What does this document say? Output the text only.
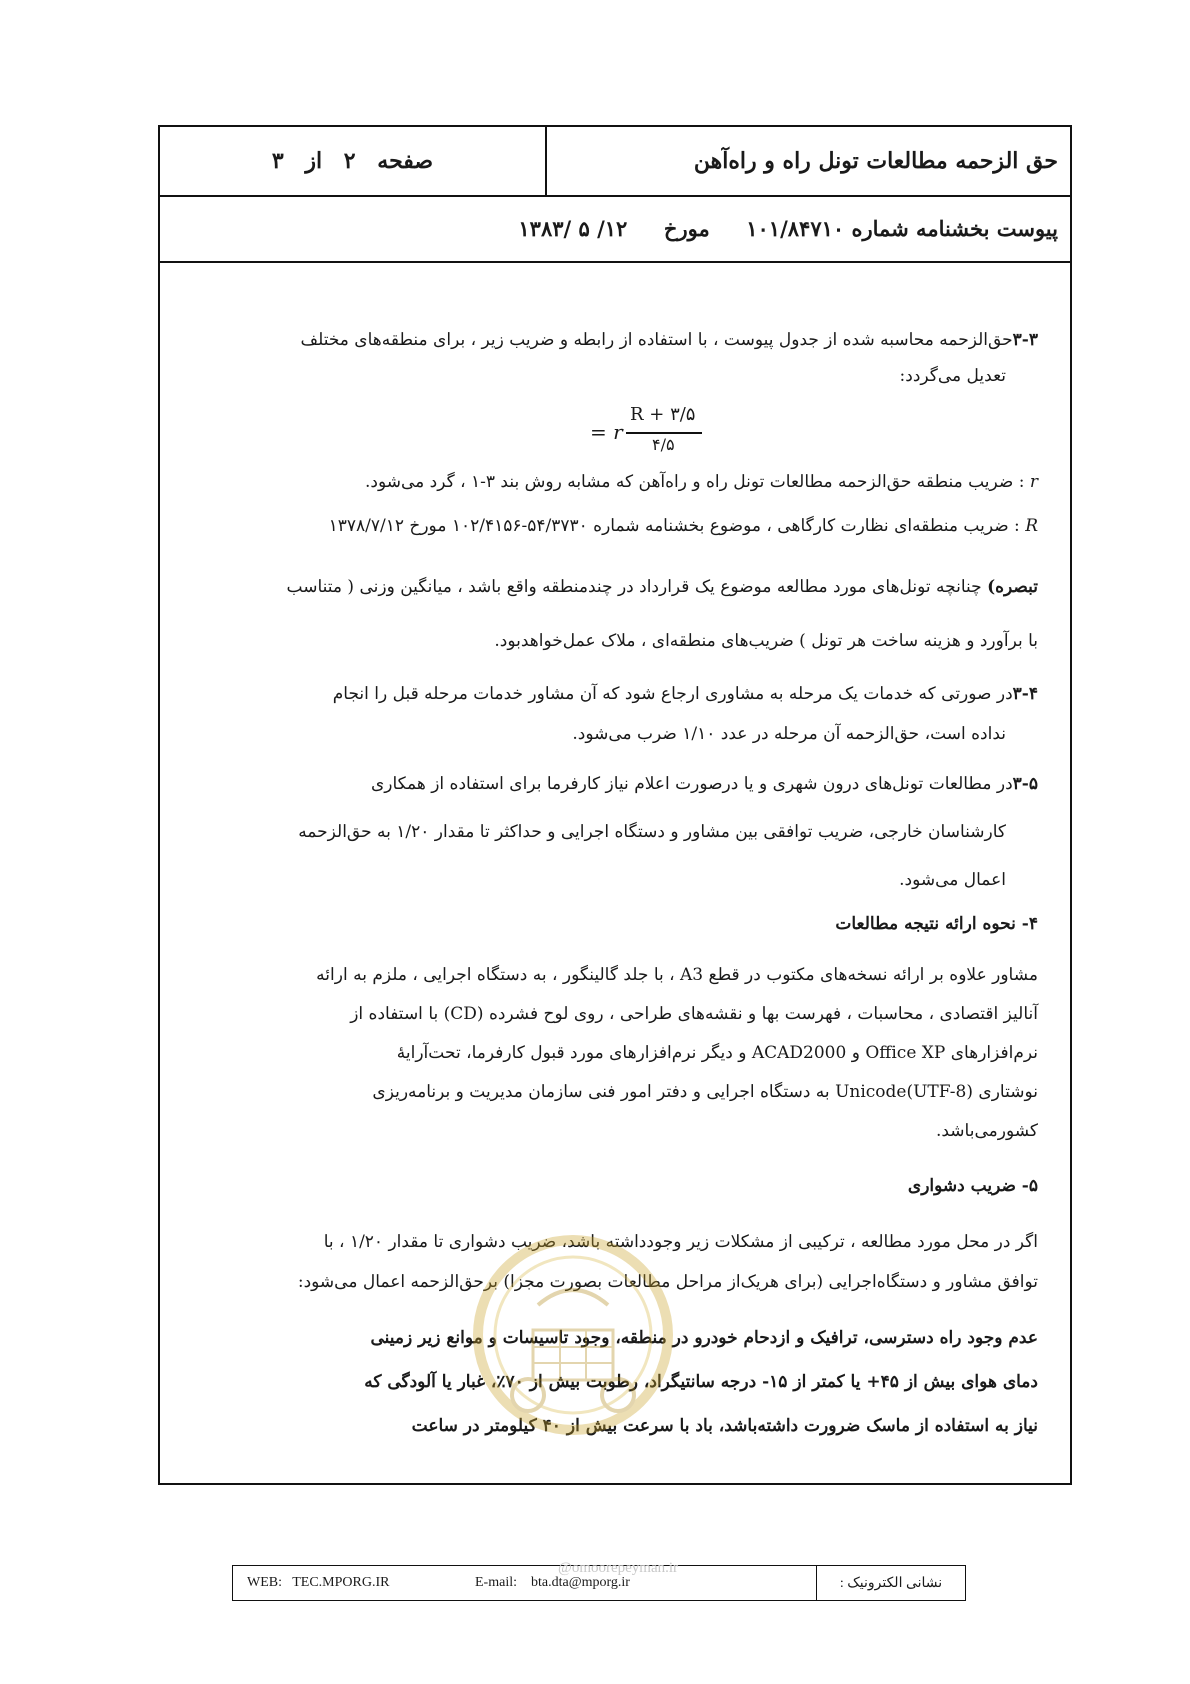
حق الزحمه مطالعات تونل راه و راه‌آهن
صفحه ۲ از ۳
پیوست بخشنامه شماره ۱۰۱/۸۴۷۱۰     مورخ     ۱۲/ ۵ /۱۳۸۳
۳-۳حق‌الزحمه محاسبه شده از جدول پیوست ، با استفاده از رابطه و ضریب زیر ، برای منطقه‌های مختلف
تعدیل می‌گردد:
r =
R + ۳/۵
۴/۵
r : ضریب منطقه حق‌الزحمه مطالعات تونل راه و راه‌آهن که مشابه روش بند ۳-۱ ، گرد می‌شود.
R : ضریب منطقه‌ای نظارت کارگاهی ، موضوع بخشنامه شماره ۵۴/۳۷۳۰-۱۰۲/۴۱۵۶ مورخ ۱۳۷۸/۷/۱۲
تبصره) چنانچه تونل‌های مورد مطالعه موضوع یک قرارداد در چندمنطقه واقع باشد ، میانگین وزنی ( متناسب
با برآورد و هزینه ساخت هر تونل ) ضریب‌های منطقه‌ای ، ملاک عمل‌خواهدبود.
۳-۴در صورتی که خدمات یک مرحله به مشاوری ارجاع شود که آن مشاور خدمات مرحله قبل را انجام
نداده است، حق‌الزحمه آن مرحله در عدد ۱/۱۰ ضرب می‌شود.
۳-۵در مطالعات تونل‌های درون شهری و یا درصورت اعلام نیاز کارفرما برای استفاده از همکاری
کارشناسان خارجی، ضریب توافقی بین مشاور و دستگاه اجرایی و حداکثر تا مقدار ۱/۲۰ به حق‌الزحمه
اعمال می‌شود.
۴- نحوه ارائه نتیجه مطالعات
مشاور علاوه بر ارائه نسخه‌های مکتوب در قطع A3 ، با جلد گالینگور ، به دستگاه اجرایی ، ملزم به ارائه
آنالیز اقتصادی ، محاسبات ، فهرست بها و نقشه‌های طراحی ، روی لوح فشرده (CD) با استفاده از
نرم‌افزارهای Office XP و ACAD2000 و دیگر نرم‌افزارهای مورد قبول کارفرما، تحت‌آرایهٔ
نوشتاری Unicode(UTF-8) به دستگاه اجرایی و دفتر امور فنی سازمان مدیریت و برنامه‌ریزی
کشورمی‌باشد.
۵- ضریب دشواری
اگر در محل مورد مطالعه ، ترکیبی از مشکلات زیر وجودداشته باشد، ضریب دشواری تا مقدار ۱/۲۰ ، با
توافق مشاور و دستگاه‌اجرایی (برای هریک‌از مراحل مطالعات بصورت مجزا) برحق‌الزحمه اعمال می‌شود:
عدم وجود راه دسترسی، ترافیک و ازدحام خودرو در منطقه، وجود تاسیسات و موانع زیر زمینی
دمای هوای بیش از ۴۵+ یا کمتر از ۱۵- درجه سانتیگراد، رطوبت بیش از ۷۰٪، غبار یا آلودگی که
نیاز به استفاده از ماسک ضرورت داشته‌باشد، باد با سرعت بیش از ۴۰ کیلومتر در ساعت
نشانی الکترونیک :
WEB:   TEC.MPORG.IR	E-mail:    bta.dta@mporg.ir
@omoorepeyman.ir
